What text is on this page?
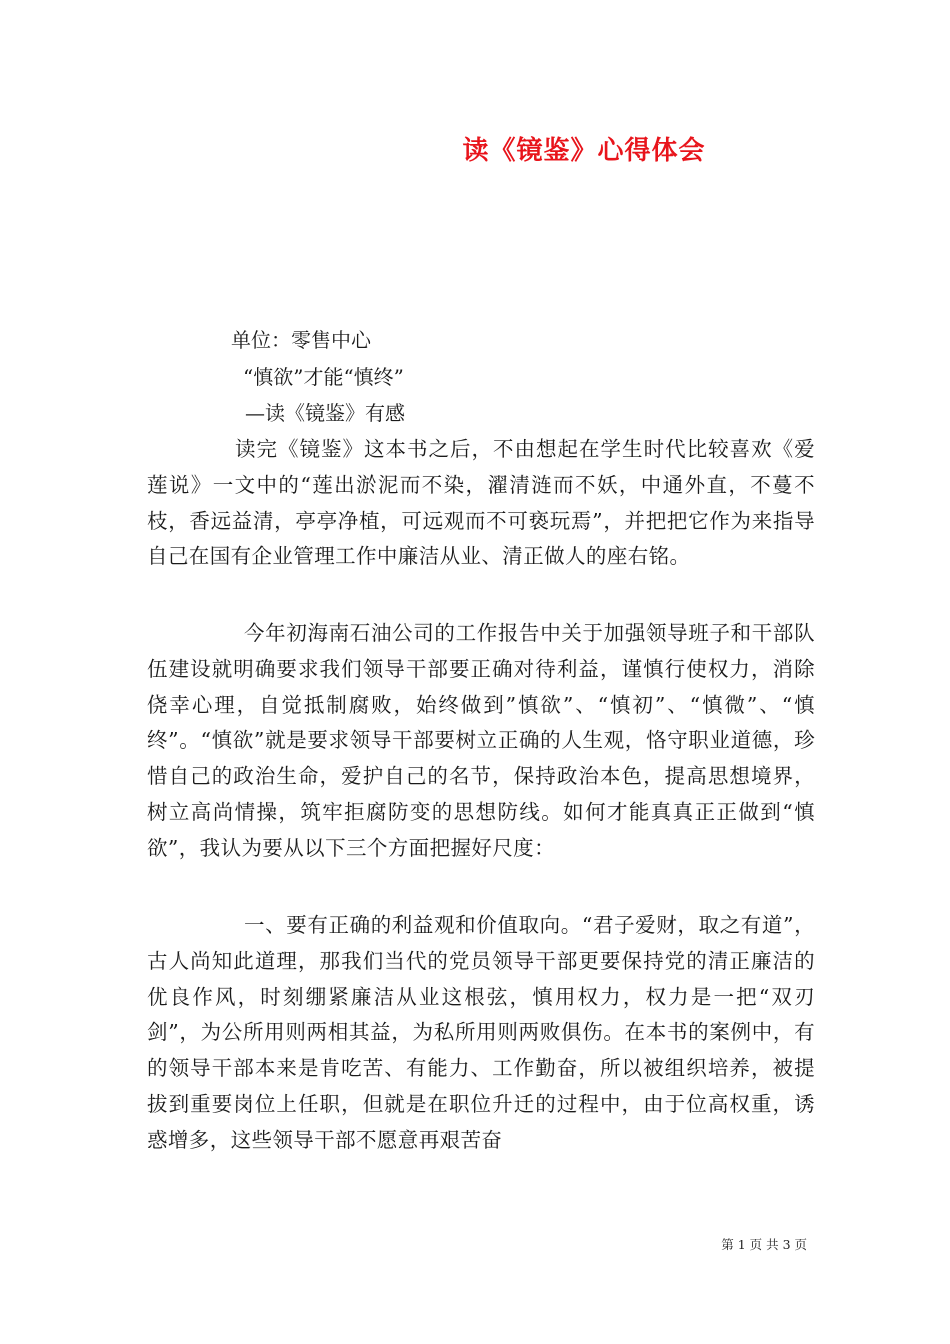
读《镜鉴》心得体会
单位：零售中心
“慎欲”才能“慎终”
—读《镜鉴》有感

读完《镜鉴》这本书之后，不由想起在学生时代比较喜欢《爱莲说》一文中的“莲出淤泥而不染，濯清涟而不妖，中通外直，不蔓不枝，香远益清，亭亭净植，可远观而不可亵玩焉”，并把把它作为来指导自己在国有企业管理工作中廉洁从业、清正做人的座右铭。

今年初海南石油公司的工作报告中关于加强领导班子和干部队伍建设就明确要求我们领导干部要正确对待利益，谨慎行使权力，消除侥幸心理，自觉抵制腐败，始终做到”慎欲”、“慎初”、“慎微”、“慎终”。“慎欲”就是要求领导干部要树立正确的人生观，恪守职业道德，珍惜自己的政治生命，爱护自己的名节，保持政治本色，提高思想境界，树立高尚情操，筑牢拒腐防变的思想防线。如何才能真真正正做到“慎欲”，我认为要从以下三个方面把握好尺度：

一、要有正确的利益观和价值取向。“君子爱财，取之有道”，古人尚知此道理，那我们当代的党员领导干部更要保持党的清正廉洁的优良作风，时刻绷紧廉洁从业这根弦，慎用权力，权力是一把“双刃剑”，为公所用则两相其益，为私所用则两败俱伤。在本书的案例中，有的领导干部本来是肯吃苦、有能力、工作勤奋，所以被组织培养，被提拔到重要岗位上任职，但就是在职位升迁的过程中，由于位高权重，诱惑增多，这些领导干部不愿意再艰苦奋

第 1 页 共 3 页
